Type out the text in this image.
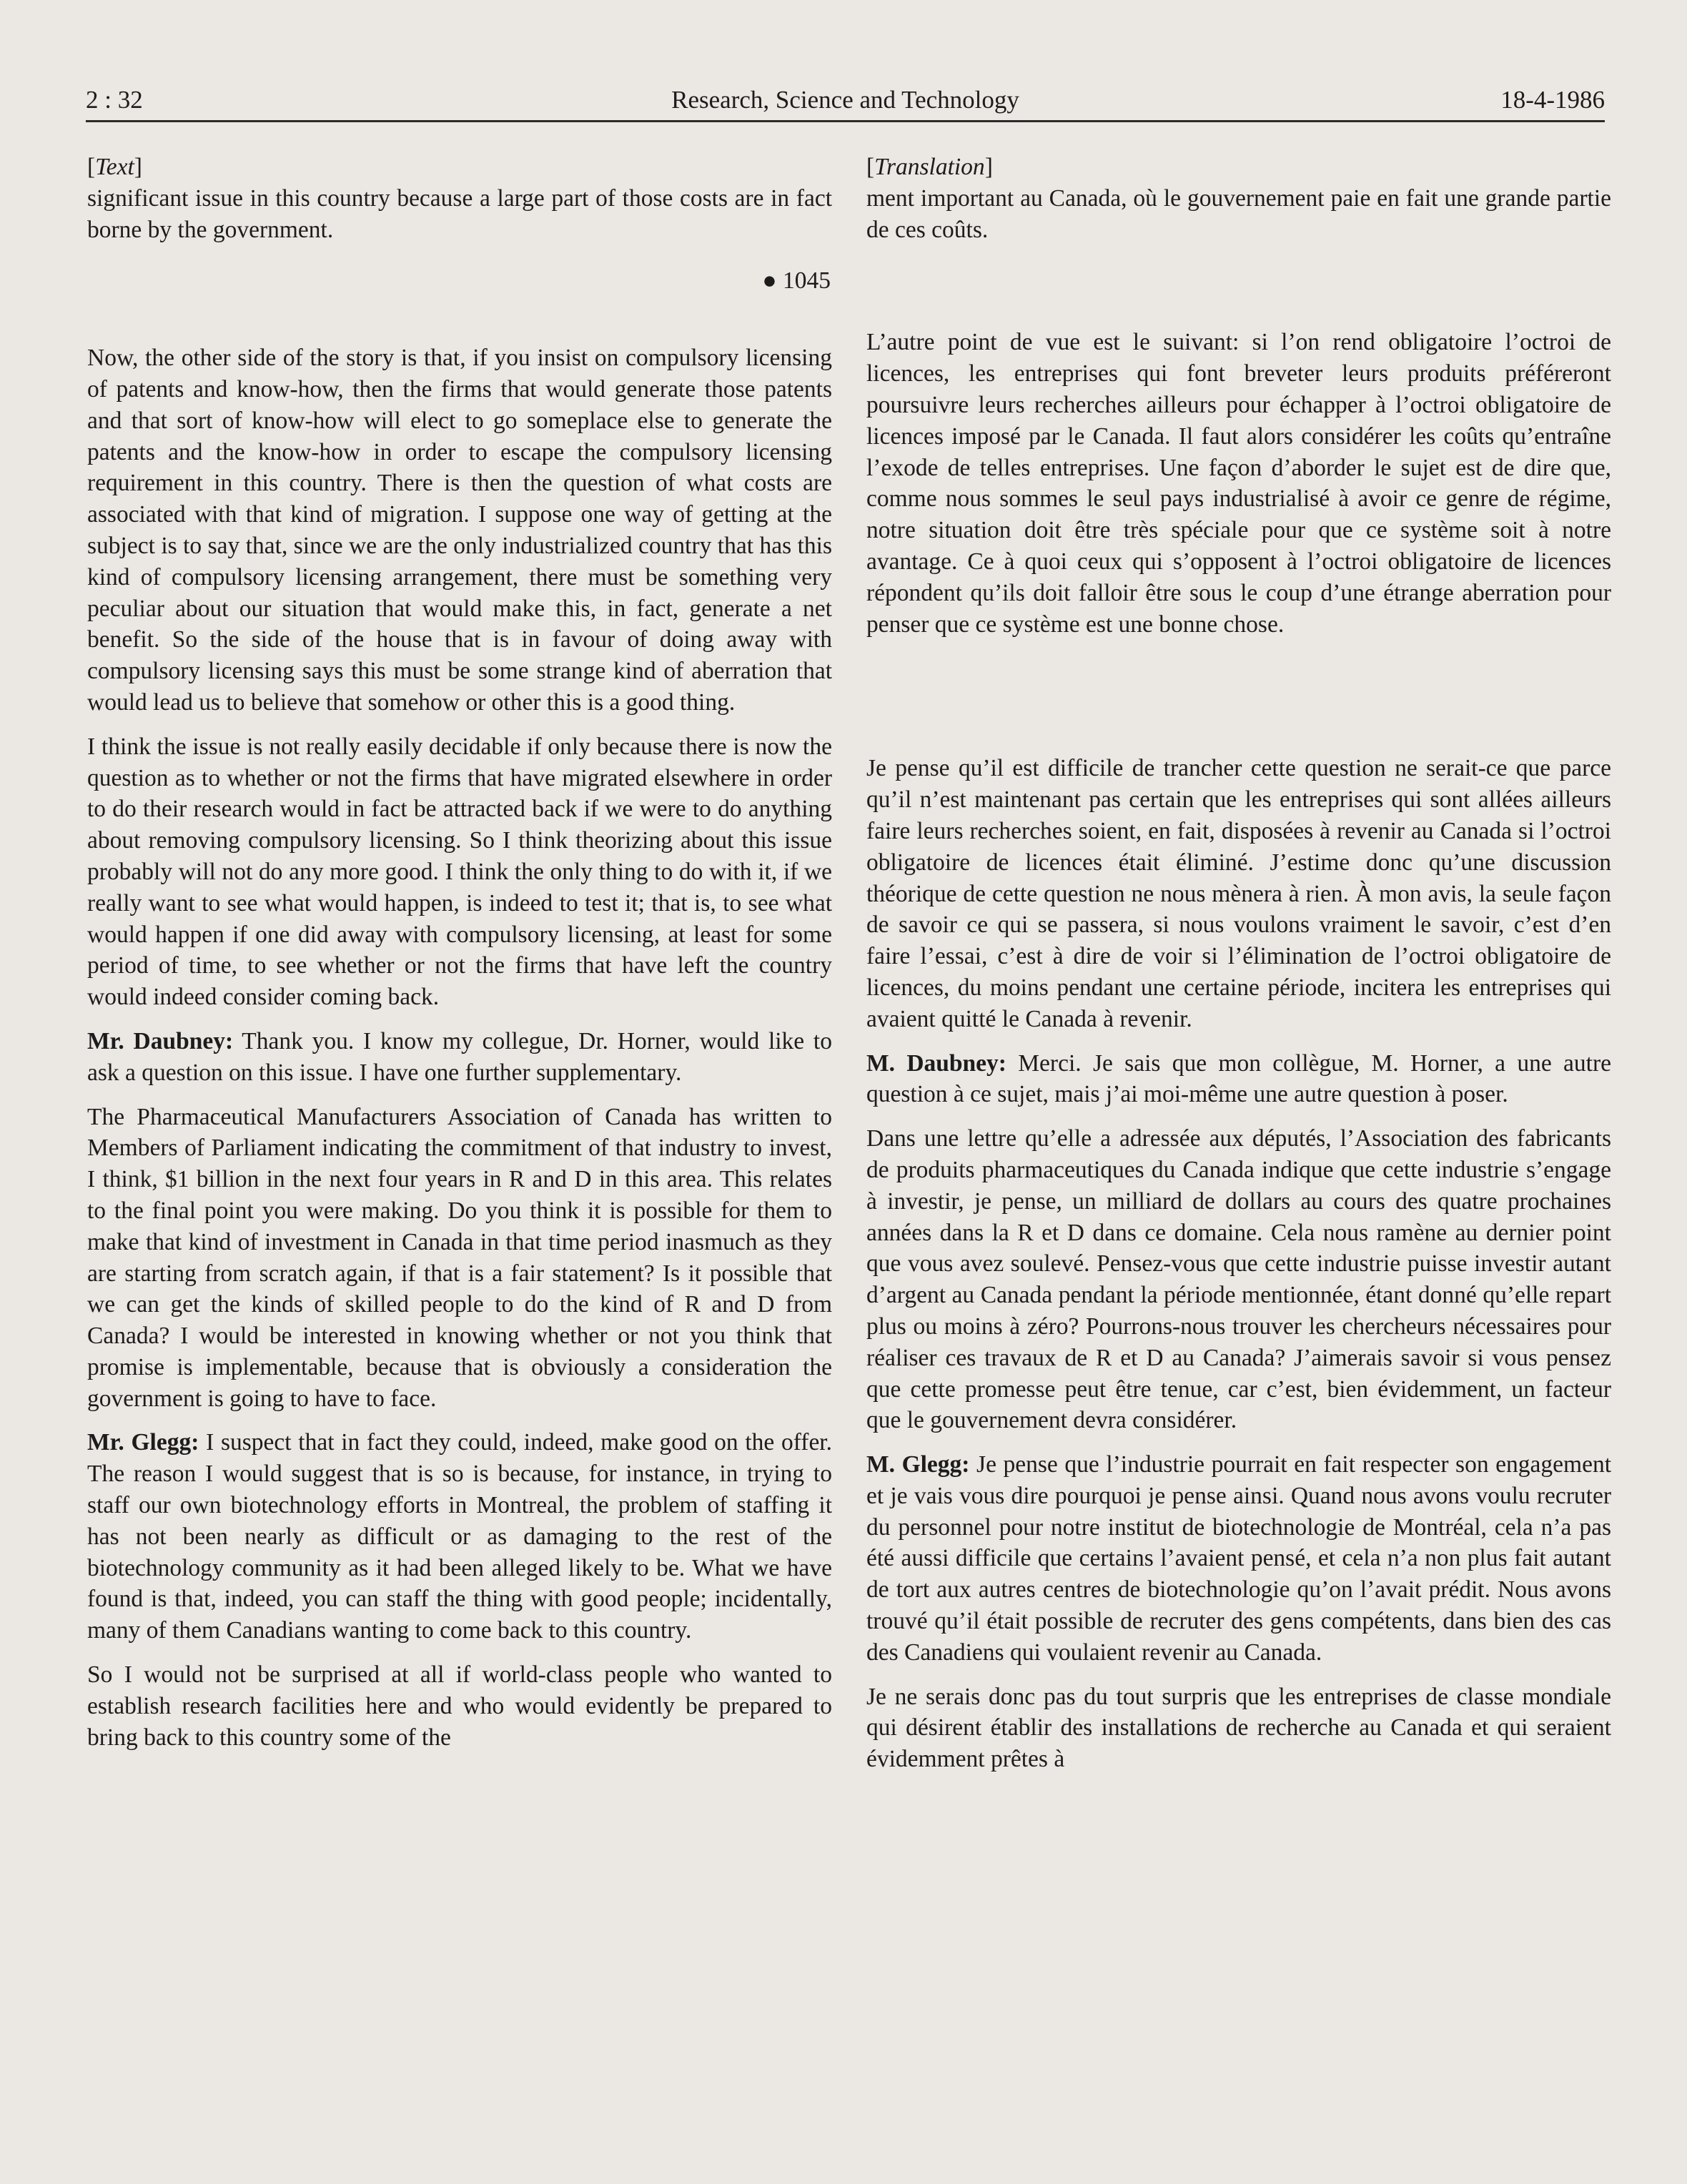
2 : 32	Research, Science and Technology	18-4-1986

[Text]

significant issue in this country because a large part of those costs are in fact borne by the government.

● 1045

Now, the other side of the story is that, if you insist on compulsory licensing of patents and know-how, then the firms that would generate those patents and that sort of know-how will elect to go someplace else to generate the patents and the know-how in order to escape the compulsory licensing requirement in this country. There is then the question of what costs are associated with that kind of migration. I suppose one way of getting at the subject is to say that, since we are the only industrialized country that has this kind of compulsory licensing arrangement, there must be something very peculiar about our situation that would make this, in fact, generate a net benefit. So the side of the house that is in favour of doing away with compulsory licensing says this must be some strange kind of aberration that would lead us to believe that somehow or other this is a good thing.

I think the issue is not really easily decidable if only because there is now the question as to whether or not the firms that have migrated elsewhere in order to do their research would in fact be attracted back if we were to do anything about removing compulsory licensing. So I think theorizing about this issue probably will not do any more good. I think the only thing to do with it, if we really want to see what would happen, is indeed to test it; that is, to see what would happen if one did away with compulsory licensing, at least for some period of time, to see whether or not the firms that have left the country would indeed consider coming back.

Mr. Daubney: Thank you. I know my collegue, Dr. Horner, would like to ask a question on this issue. I have one further supplementary.

The Pharmaceutical Manufacturers Association of Canada has written to Members of Parliament indicating the commitment of that industry to invest, I think, $1 billion in the next four years in R and D in this area. This relates to the final point you were making. Do you think it is possible for them to make that kind of investment in Canada in that time period inasmuch as they are starting from scratch again, if that is a fair statement? Is it possible that we can get the kinds of skilled people to do the kind of R and D from Canada? I would be interested in knowing whether or not you think that promise is implementable, because that is obviously a consideration the government is going to have to face.

Mr. Glegg: I suspect that in fact they could, indeed, make good on the offer. The reason I would suggest that is so is because, for instance, in trying to staff our own biotechnology efforts in Montreal, the problem of staffing it has not been nearly as difficult or as damaging to the rest of the biotechnology community as it had been alleged likely to be. What we have found is that, indeed, you can staff the thing with good people; incidentally, many of them Canadians wanting to come back to this country.

So I would not be surprised at all if world-class people who wanted to establish research facilities here and who would evidently be prepared to bring back to this country some of the

[Translation]

ment important au Canada, où le gouvernement paie en fait une grande partie de ces coûts.

L’autre point de vue est le suivant: si l’on rend obligatoire l’octroi de licences, les entreprises qui font breveter leurs produits préféreront poursuivre leurs recherches ailleurs pour échapper à l’octroi obligatoire de licences imposé par le Canada. Il faut alors considérer les coûts qu’entraîne l’exode de telles entreprises. Une façon d’aborder le sujet est de dire que, comme nous sommes le seul pays industrialisé à avoir ce genre de régime, notre situation doit être très spéciale pour que ce système soit à notre avantage. Ce à quoi ceux qui s’opposent à l’octroi obligatoire de licences répondent qu’ils doit falloir être sous le coup d’une étrange aberration pour penser que ce système est une bonne chose.

Je pense qu’il est difficile de trancher cette question ne serait-ce que parce qu’il n’est maintenant pas certain que les entreprises qui sont allées ailleurs faire leurs recherches soient, en fait, disposées à revenir au Canada si l’octroi obligatoire de licences était éliminé. J’estime donc qu’une discussion théorique de cette question ne nous mènera à rien. À mon avis, la seule façon de savoir ce qui se passera, si nous voulons vraiment le savoir, c’est d’en faire l’essai, c’est à dire de voir si l’élimination de l’octroi obligatoire de licences, du moins pendant une certaine période, incitera les entreprises qui avaient quitté le Canada à revenir.

M. Daubney: Merci. Je sais que mon collègue, M. Horner, a une autre question à ce sujet, mais j’ai moi-même une autre question à poser.

Dans une lettre qu’elle a adressée aux députés, l’Association des fabricants de produits pharmaceutiques du Canada indique que cette industrie s’engage à investir, je pense, un milliard de dollars au cours des quatre prochaines années dans la R et D dans ce domaine. Cela nous ramène au dernier point que vous avez soulevé. Pensez-vous que cette industrie puisse investir autant d’argent au Canada pendant la période mentionnée, étant donné qu’elle repart plus ou moins à zéro? Pourrons-nous trouver les chercheurs nécessaires pour réaliser ces travaux de R et D au Canada? J’aimerais savoir si vous pensez que cette promesse peut être tenue, car c’est, bien évidemment, un facteur que le gouvernement devra considérer.

M. Glegg: Je pense que l’industrie pourrait en fait respecter son engagement et je vais vous dire pourquoi je pense ainsi. Quand nous avons voulu recruter du personnel pour notre institut de biotechnologie de Montréal, cela n’a pas été aussi difficile que certains l’avaient pensé, et cela n’a non plus fait autant de tort aux autres centres de biotechnologie qu’on l’avait prédit. Nous avons trouvé qu’il était possible de recruter des gens compétents, dans bien des cas des Canadiens qui voulaient revenir au Canada.

Je ne serais donc pas du tout surpris que les entreprises de classe mondiale qui désirent établir des installations de recherche au Canada et qui seraient évidemment prêtes à
